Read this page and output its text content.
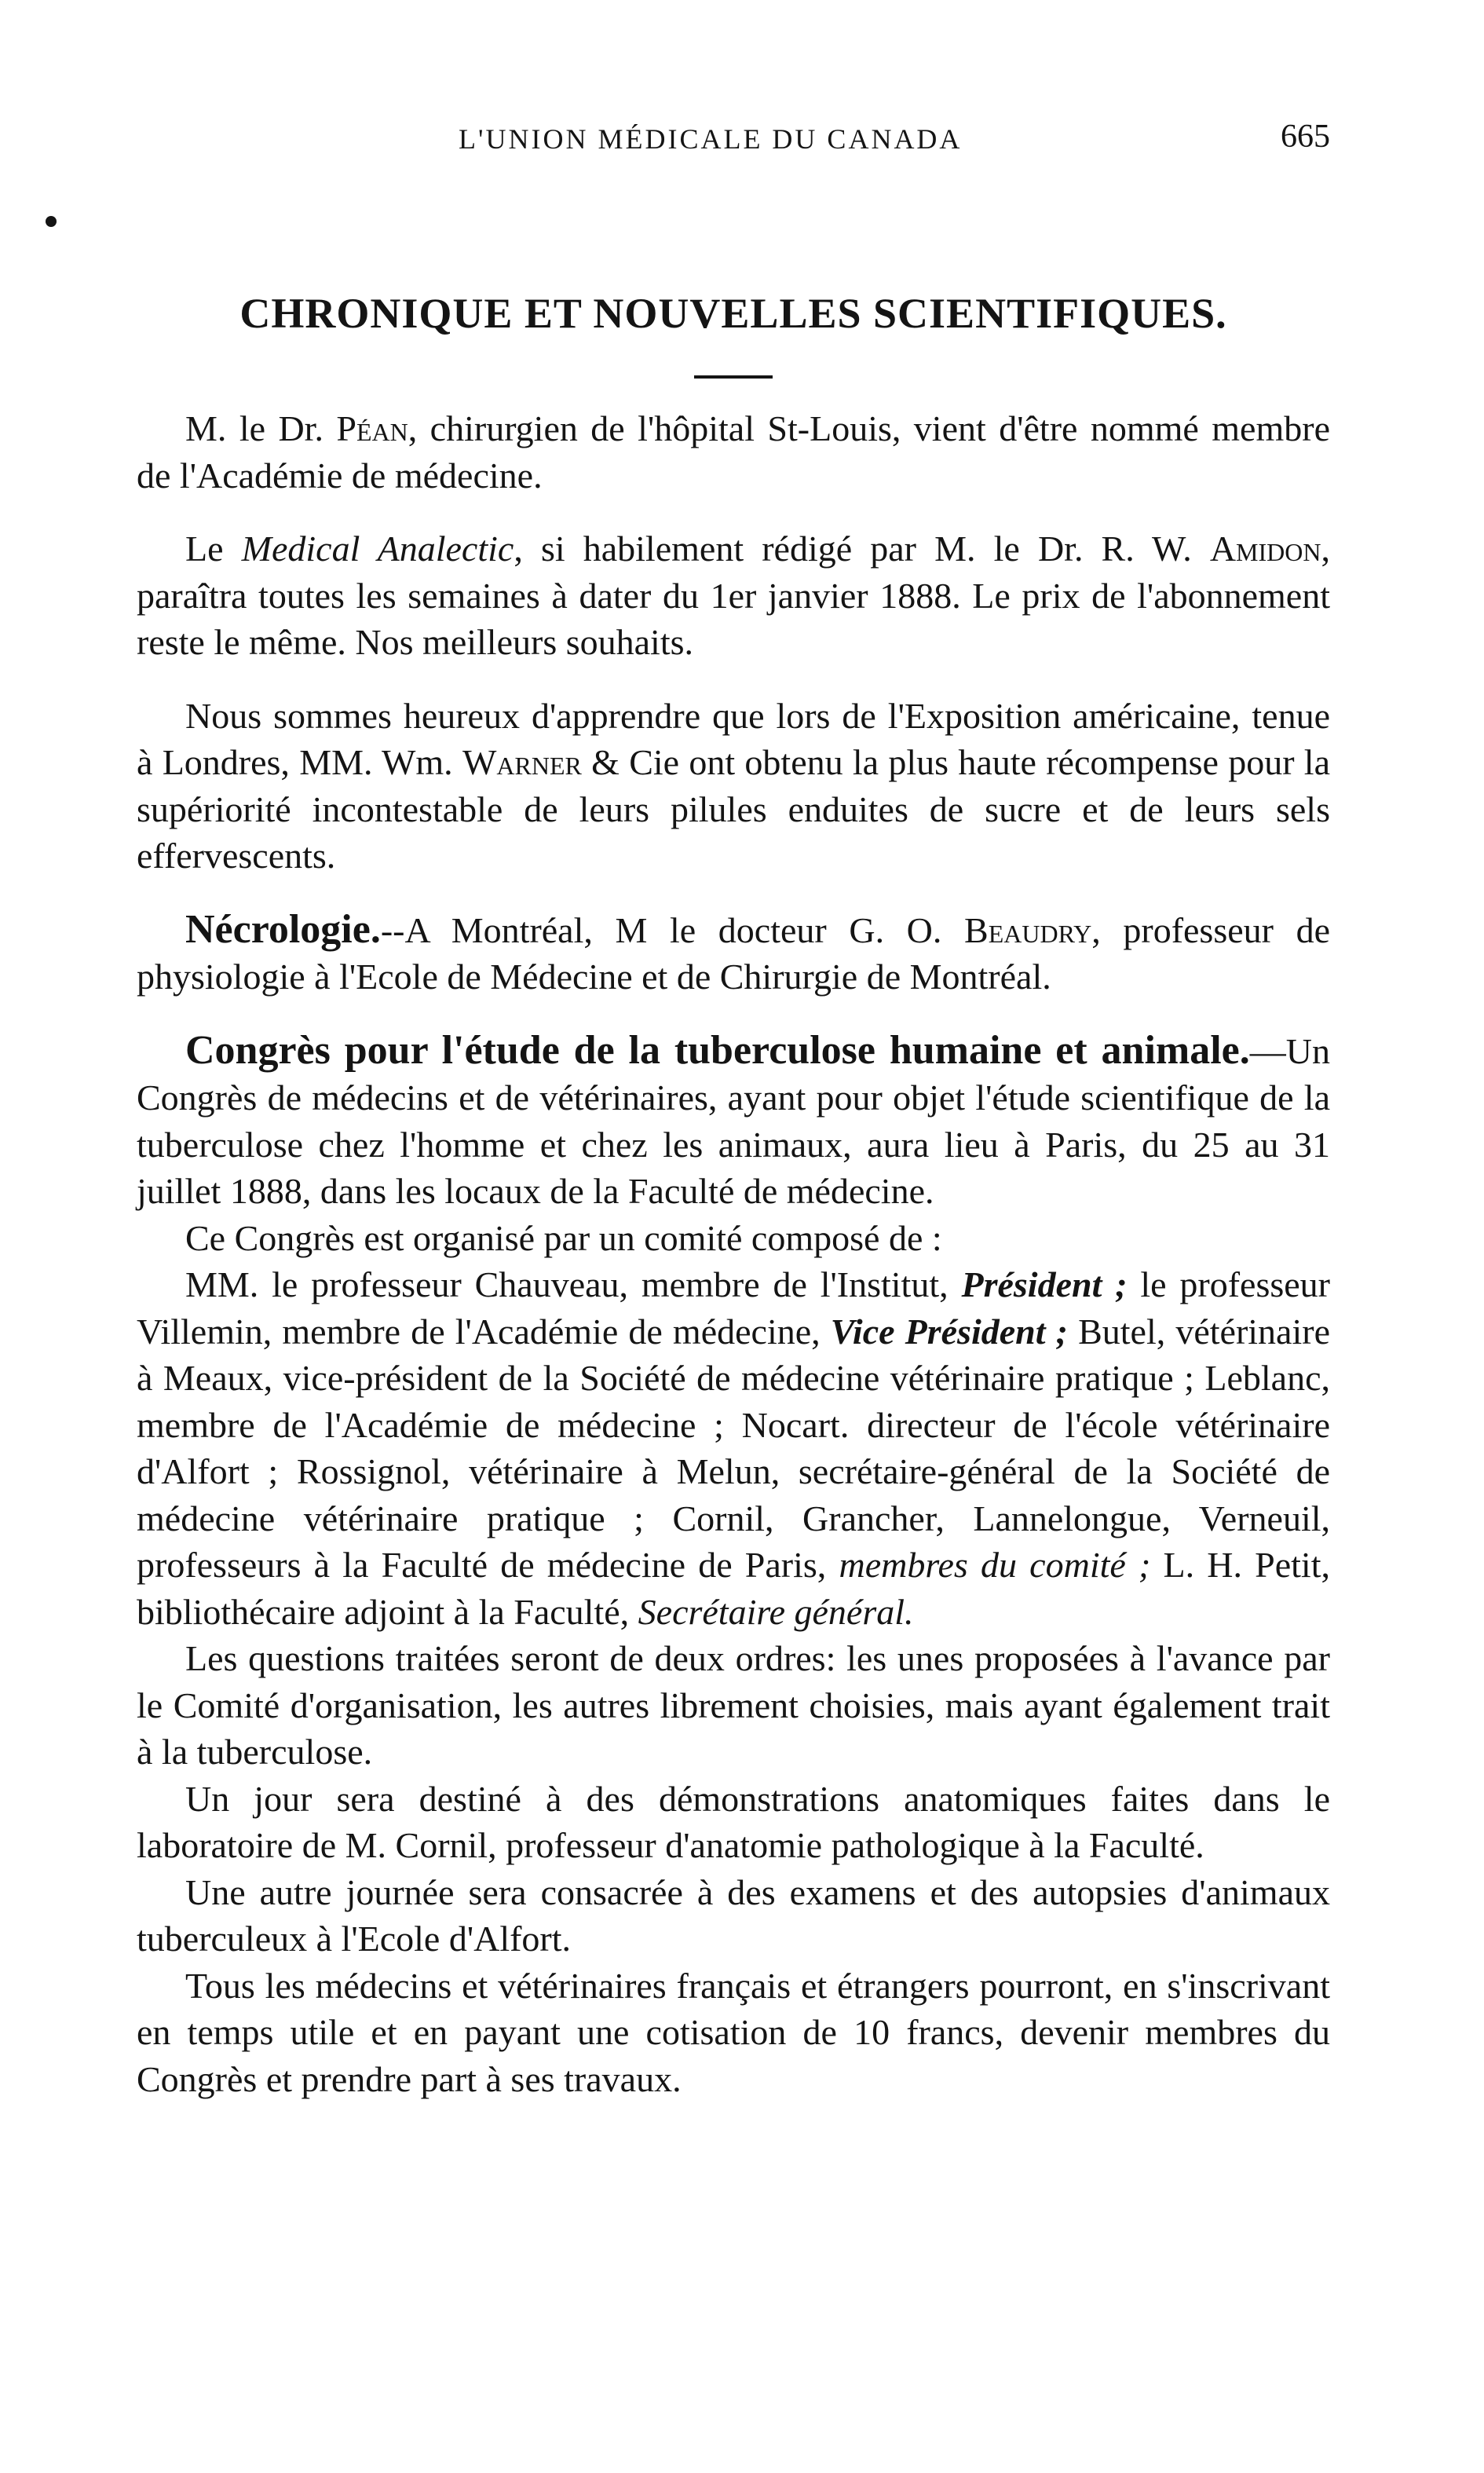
L'UNION MÉDICALE DU CANADA	665
CHRONIQUE ET NOUVELLES SCIENTIFIQUES.

M. le Dr. Péan, chirurgien de l'hôpital St-Louis, vient d'être nommé membre de l'Académie de médecine.

Le Medical Analectic, si habilement rédigé par M. le Dr. R. W. Amidon, paraîtra toutes les semaines à dater du 1er janvier 1888. Le prix de l'abonnement reste le même. Nos meilleurs souhaits.

Nous sommes heureux d'apprendre que lors de l'Exposition américaine, tenue à Londres, MM. Wm. Warner & Cie ont obtenu la plus haute récompense pour la supériorité incontestable de leurs pilules enduites de sucre et de leurs sels effervescents.

Nécrologie.--A Montréal, M le docteur G. O. Beaudry, professeur de physiologie à l'Ecole de Médecine et de Chirurgie de Montréal.

Congrès pour l'étude de la tuberculose humaine et animale.—Un Congrès de médecins et de vétérinaires, ayant pour objet l'étude scientifique de la tuberculose chez l'homme et chez les animaux, aura lieu à Paris, du 25 au 31 juillet 1888, dans les locaux de la Faculté de médecine.

Ce Congrès est organisé par un comité composé de :

MM. le professeur Chauveau, membre de l'Institut, Président ; le professeur Villemin, membre de l'Académie de médecine, Vice Président ; Butel, vétérinaire à Meaux, vice-président de la Société de médecine vétérinaire pratique ; Leblanc, membre de l'Académie de médecine ; Nocart. directeur de l'école vétérinaire d'Alfort ; Rossignol, vétérinaire à Melun, secrétaire-général de la Société de médecine vétérinaire pratique ; Cornil, Grancher, Lannelongue, Verneuil, professeurs à la Faculté de médecine de Paris, membres du comité ; L. H. Petit, bibliothécaire adjoint à la Faculté, Secrétaire général.

Les questions traitées seront de deux ordres: les unes proposées à l'avance par le Comité d'organisation, les autres librement choisies, mais ayant également trait à la tuberculose.

Un jour sera destiné à des démonstrations anatomiques faites dans le laboratoire de M. Cornil, professeur d'anatomie pathologique à la Faculté.

Une autre journée sera consacrée à des examens et des autopsies d'animaux tuberculeux à l'Ecole d'Alfort.

Tous les médecins et vétérinaires français et étrangers pourront, en s'inscrivant en temps utile et en payant une cotisation de 10 francs, devenir membres du Congrès et prendre part à ses travaux.
